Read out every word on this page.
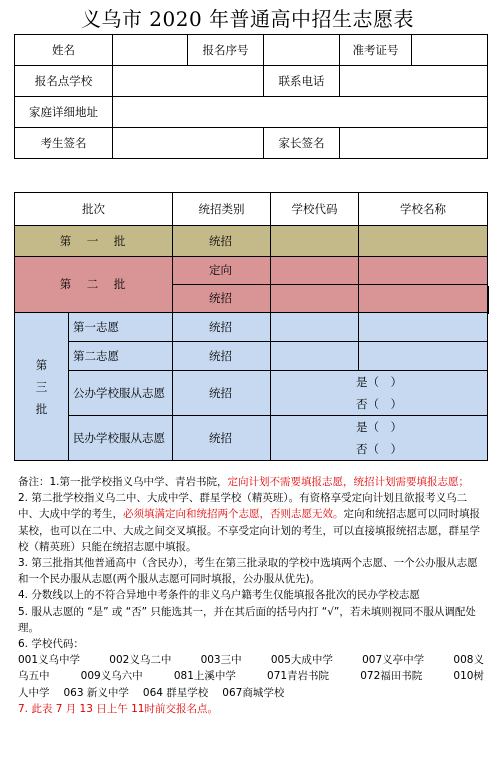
义乌市 2020 年普通高中招生志愿表
姓名		报名序号		准考证号	
报名点学校			联系电话		
家庭详细地址					
考生签名			家长签名		
批次		统招类别	学校代码	学校名称
第　一　批		统招		
第　二　批		定向		
		统招		
第
三
批	第一志愿	统招		
	第二志愿	统招		
	公办学校服从志愿	统招	是（　）
否（　）	

	民办学校服从志愿	统招	是（　）
否（　）	

备注：1.第一批学校指义乌中学、青岩书院，定向计划不需要填报志愿，统招计划需要填报志愿；

2. 第二批学校指义乌二中、大成中学、群星学校（精英班）。有资格享受定向计划且欲报考义乌二中、大成中学的考生，必须填满定向和统招两个志愿，否则志愿无效。定向和统招志愿可以同时填报某校，也可以在二中、大成之间交叉填报。不享受定向计划的考生，可以直接填报统招志愿，群星学校（精英班）只能在统招志愿中填报。

3. 第三批指其他普通高中（含民办），考生在第三批录取的学校中选填两个志愿、一个公办服从志愿和一个民办服从志愿(两个服从志愿可同时填报，公办服从优先)。

4. 分数线以上的不符合异地中考条件的非义乌户籍考生仅能填报各批次的民办学校志愿

5. 服从志愿的 “是” 或 “否” 只能选其一，并在其后面的括号内打 “√”，若未填则视同不服从调配处理。

6. 学校代码：

001义乌中学	002义乌二中	003三中	005大成中学	007义亭中学	008义
乌五中	009义乌六中	081上溪中学	071青岩书院	072福田书院	010树
人中学 063 新义中学 064 群星学校 067商城学校

7. 此表 7 月 13 日上午 11时前交报名点。
